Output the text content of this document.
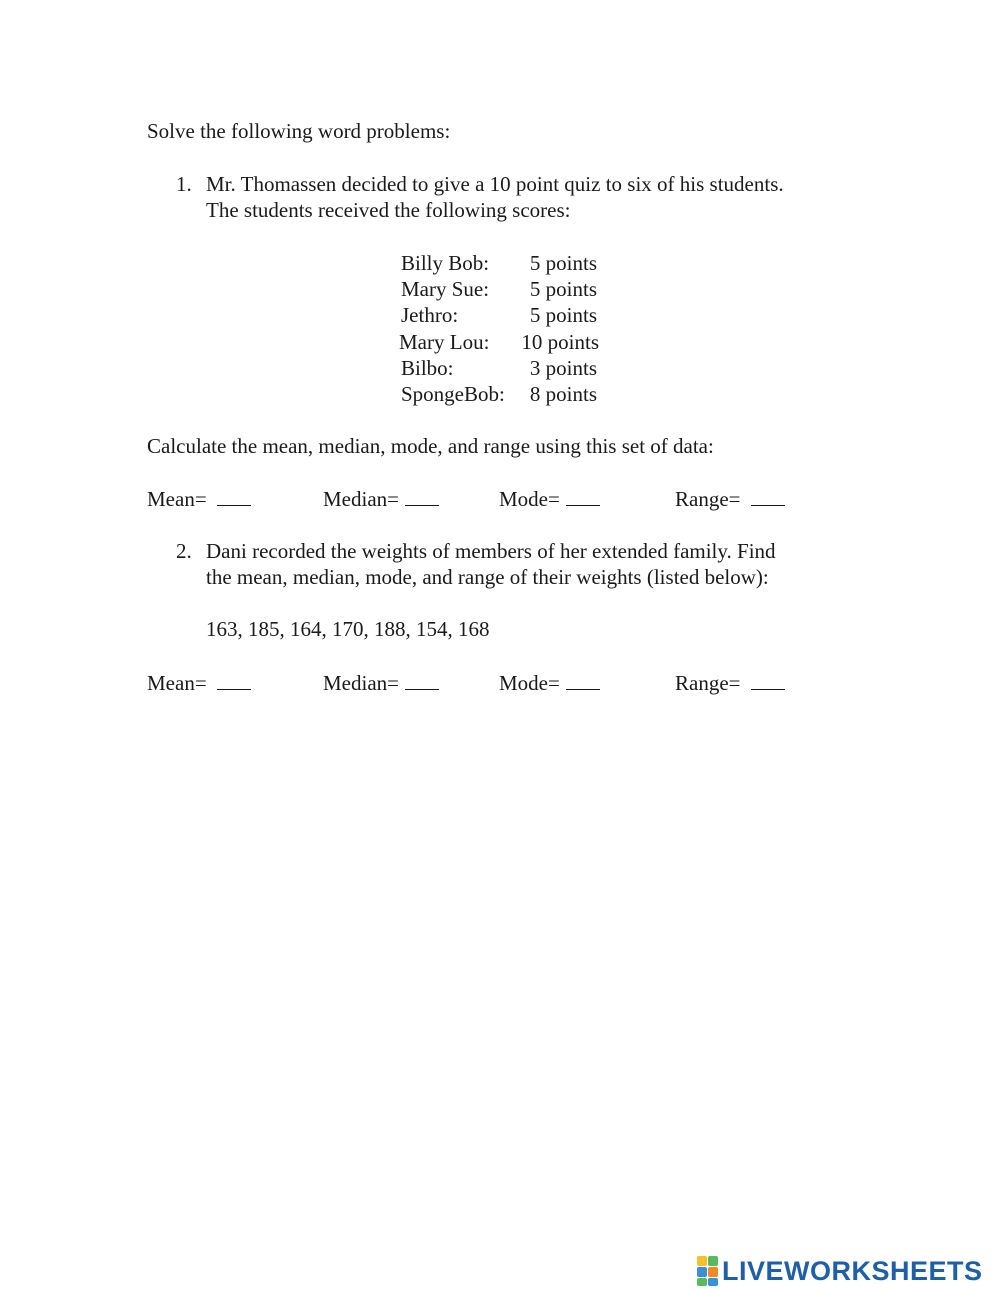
Solve the following word problems:
1. Mr. Thomassen decided to give a 10 point quiz to six of his students.
The students received the following scores:
Billy Bob: 5 points
Mary Sue: 5 points
Jethro:	5 points
Mary Lou: 10 points
Bilbo:	3 points
SpongeBob: 8 points
Calculate the mean, median, mode, and range using this set of data:
Mean=	Median=	Mode=	Range=
2. Dani recorded the weights of members of her extended family. Find
the mean, median, mode, and range of their weights (listed below):
163, 185, 164, 170, 188, 154, 168
Mean=	Median=	Mode=	Range=
LIVEWORKSHEETS
